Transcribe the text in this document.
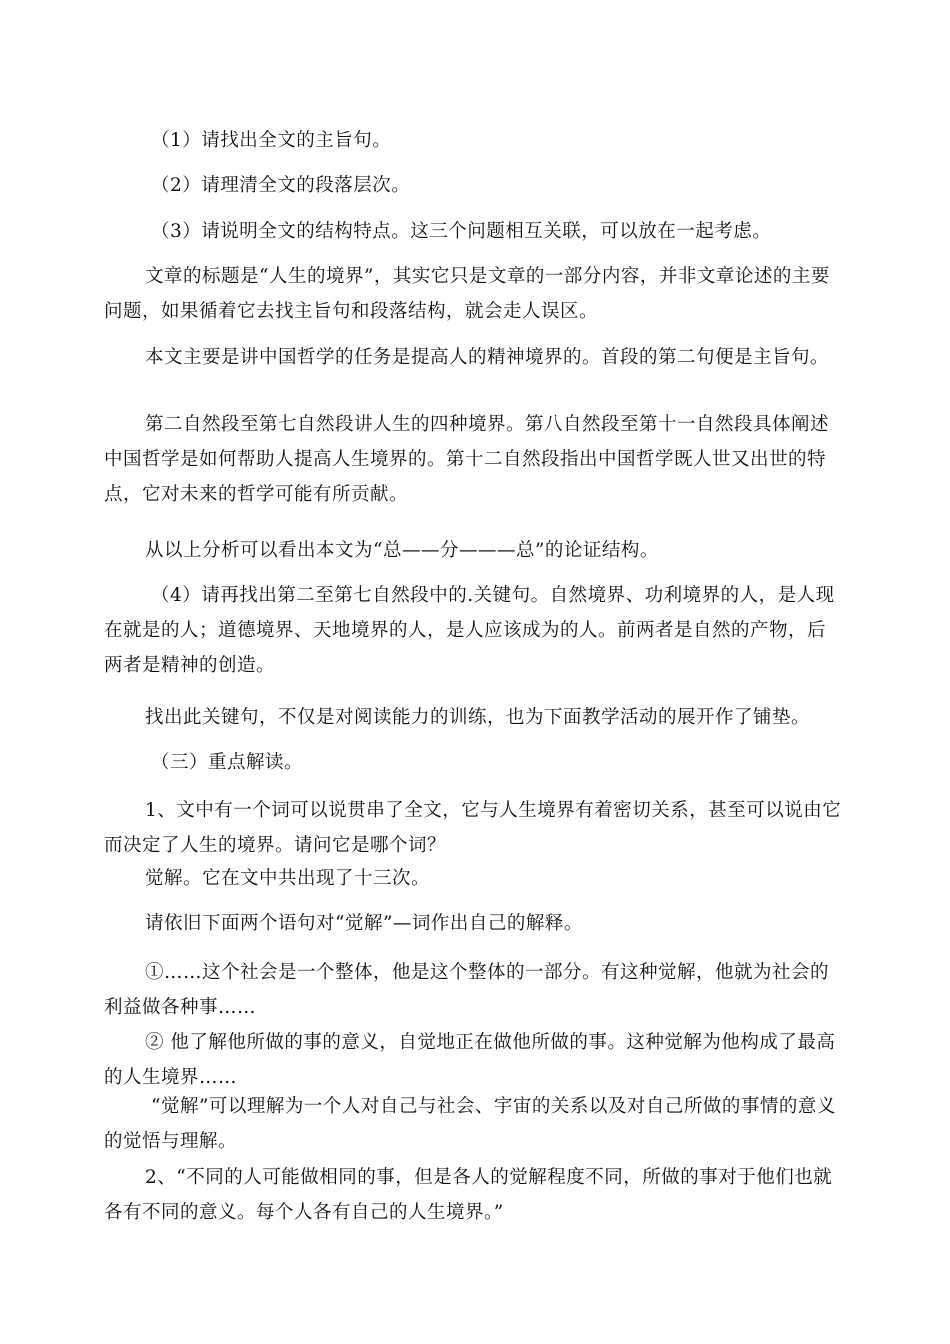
（1）请找出全文的主旨句。

（2）请理清全文的段落层次。

（3）请说明全文的结构特点。这三个问题相互关联，可以放在一起考虑。

文章的标题是“人生的境界”，其实它只是文章的一部分内容，并非文章论述的主要问题，如果循着它去找主旨句和段落结构，就会走人误区。

本文主要是讲中国哲学的任务是提高人的精神境界的。首段的第二句便是主旨句。

第二自然段至第七自然段讲人生的四种境界。第八自然段至第十一自然段具体阐述中国哲学是如何帮助人提高人生境界的。第十二自然段指出中国哲学既人世又出世的特点，它对未来的哲学可能有所贡献。

从以上分析可以看出本文为“总——分———总”的论证结构。

（4）请再找出第二至第七自然段中的.关键句。自然境界、功利境界的人，是人现在就是的人；道德境界、天地境界的人，是人应该成为的人。前两者是自然的产物，后两者是精神的创造。

找出此关键句，不仅是对阅读能力的训练，也为下面教学活动的展开作了铺垫。

（三）重点解读。

1、文中有一个词可以说贯串了全文，它与人生境界有着密切关系，甚至可以说由它而决定了人生的境界。请问它是哪个词？

觉解。它在文中共出现了十三次。

请依旧下面两个语句对“觉解”—词作出自己的解释。

①……这个社会是一个整体，他是这个整体的一部分。有这种觉解，他就为社会的利益做各种事……

② 他了解他所做的事的意义，自觉地正在做他所做的事。这种觉解为他构成了最高的人生境界……

“觉解”可以理解为一个人对自己与社会、宇宙的关系以及对自己所做的事情的意义的觉悟与理解。

2、“不同的人可能做相同的事，但是各人的觉解程度不同，所做的事对于他们也就各有不同的意义。每个人各有自己的人生境界。”
